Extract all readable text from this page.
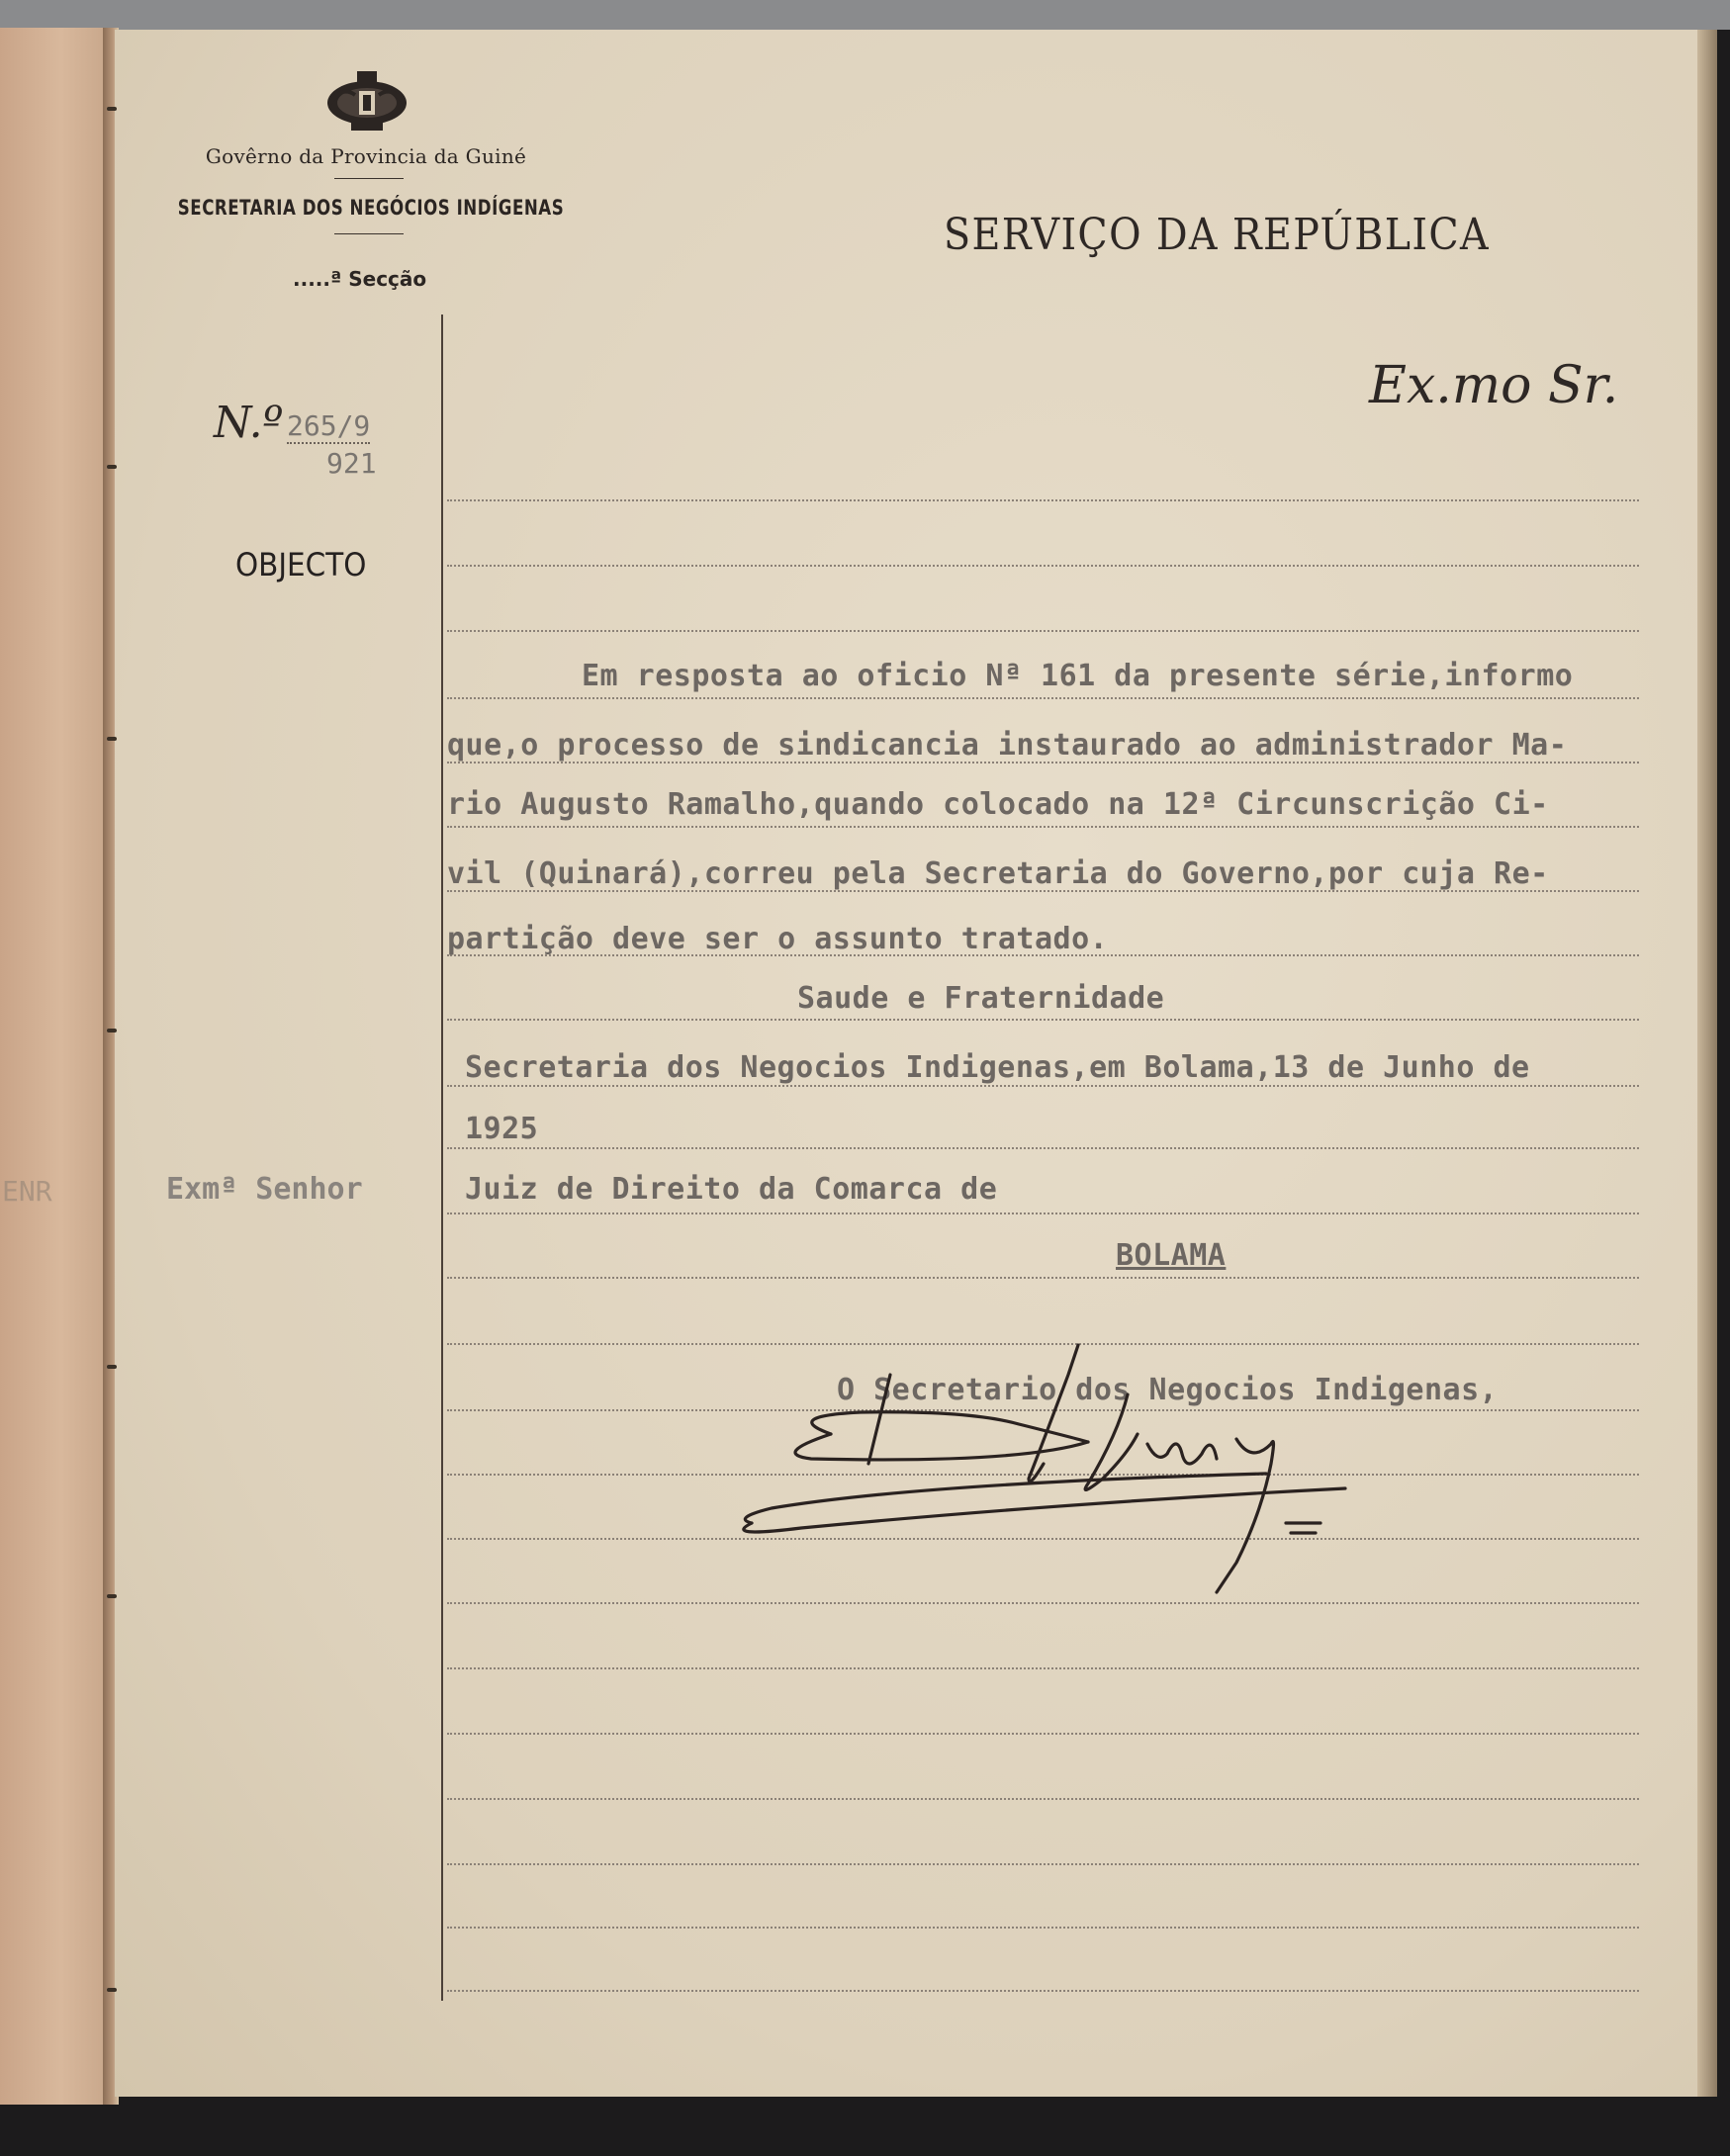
Govêrno da Provincia da Guiné
SECRETARIA DOS NEGÓCIOS INDÍGENAS
.....ª Secção
SERVIÇO DA REPÚBLICA
Ex.mo Sr.
N.º 265/9
921
OBJECTO
Em resposta ao oficio Nª 161 da presente série,informo
que,o processo de sindicancia instaurado ao administrador Ma-
rio Augusto Ramalho,quando colocado na 12ª Circunscrição Ci-
vil (Quinará),correu pela Secretaria do Governo,por cuja Re-
partição deve ser o assunto tratado.
Saude e Fraternidade
Secretaria dos Negocios Indigenas,em Bolama,13 de Junho de
1925
Exmª Senhor
ENR	Juiz de Direito da Comarca de
BOLAMA
O Secretario dos Negocios Indigenas,
